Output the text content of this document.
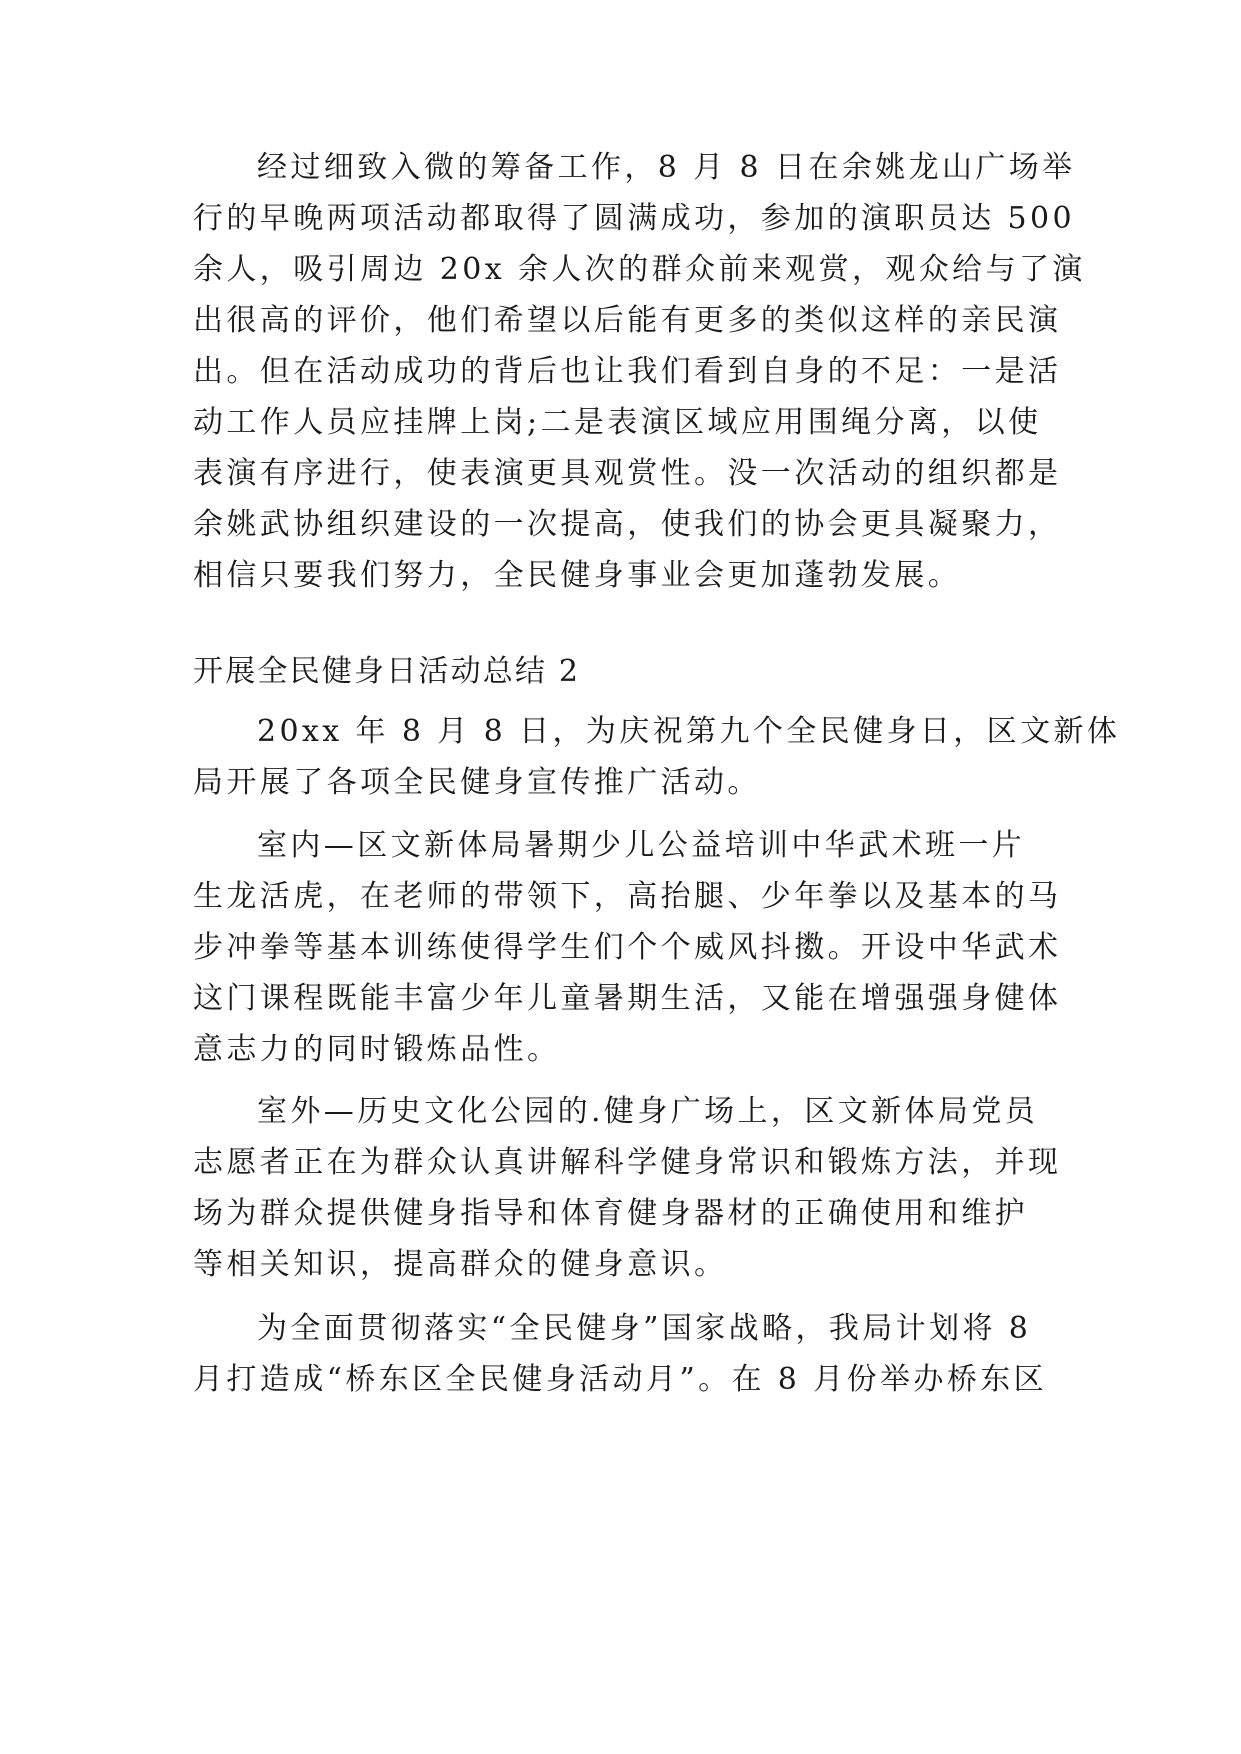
经过细致入微的筹备工作，8 月 8 日在余姚龙山广场举
行的早晚两项活动都取得了圆满成功，参加的演职员达 500
余人，吸引周边 20x 余人次的群众前来观赏，观众给与了演
出很高的评价，他们希望以后能有更多的类似这样的亲民演
出。但在活动成功的背后也让我们看到自身的不足：一是活
动工作人员应挂牌上岗;二是表演区域应用围绳分离，以使
表演有序进行，使表演更具观赏性。没一次活动的组织都是
余姚武协组织建设的一次提高，使我们的协会更具凝聚力，
相信只要我们努力，全民健身事业会更加蓬勃发展。
开展全民健身日活动总结 2
20xx 年 8 月 8 日，为庆祝第九个全民健身日，区文新体
局开展了各项全民健身宣传推广活动。
室内—区文新体局暑期少儿公益培训中华武术班一片
生龙活虎，在老师的带领下，高抬腿、少年拳以及基本的马
步冲拳等基本训练使得学生们个个威风抖擞。开设中华武术
这门课程既能丰富少年儿童暑期生活，又能在增强强身健体
意志力的同时锻炼品性。
室外—历史文化公园的.健身广场上，区文新体局党员
志愿者正在为群众认真讲解科学健身常识和锻炼方法，并现
场为群众提供健身指导和体育健身器材的正确使用和维护
等相关知识，提高群众的健身意识。
为全面贯彻落实“全民健身”国家战略，我局计划将 8
月打造成“桥东区全民健身活动月”。在 8 月份举办桥东区
